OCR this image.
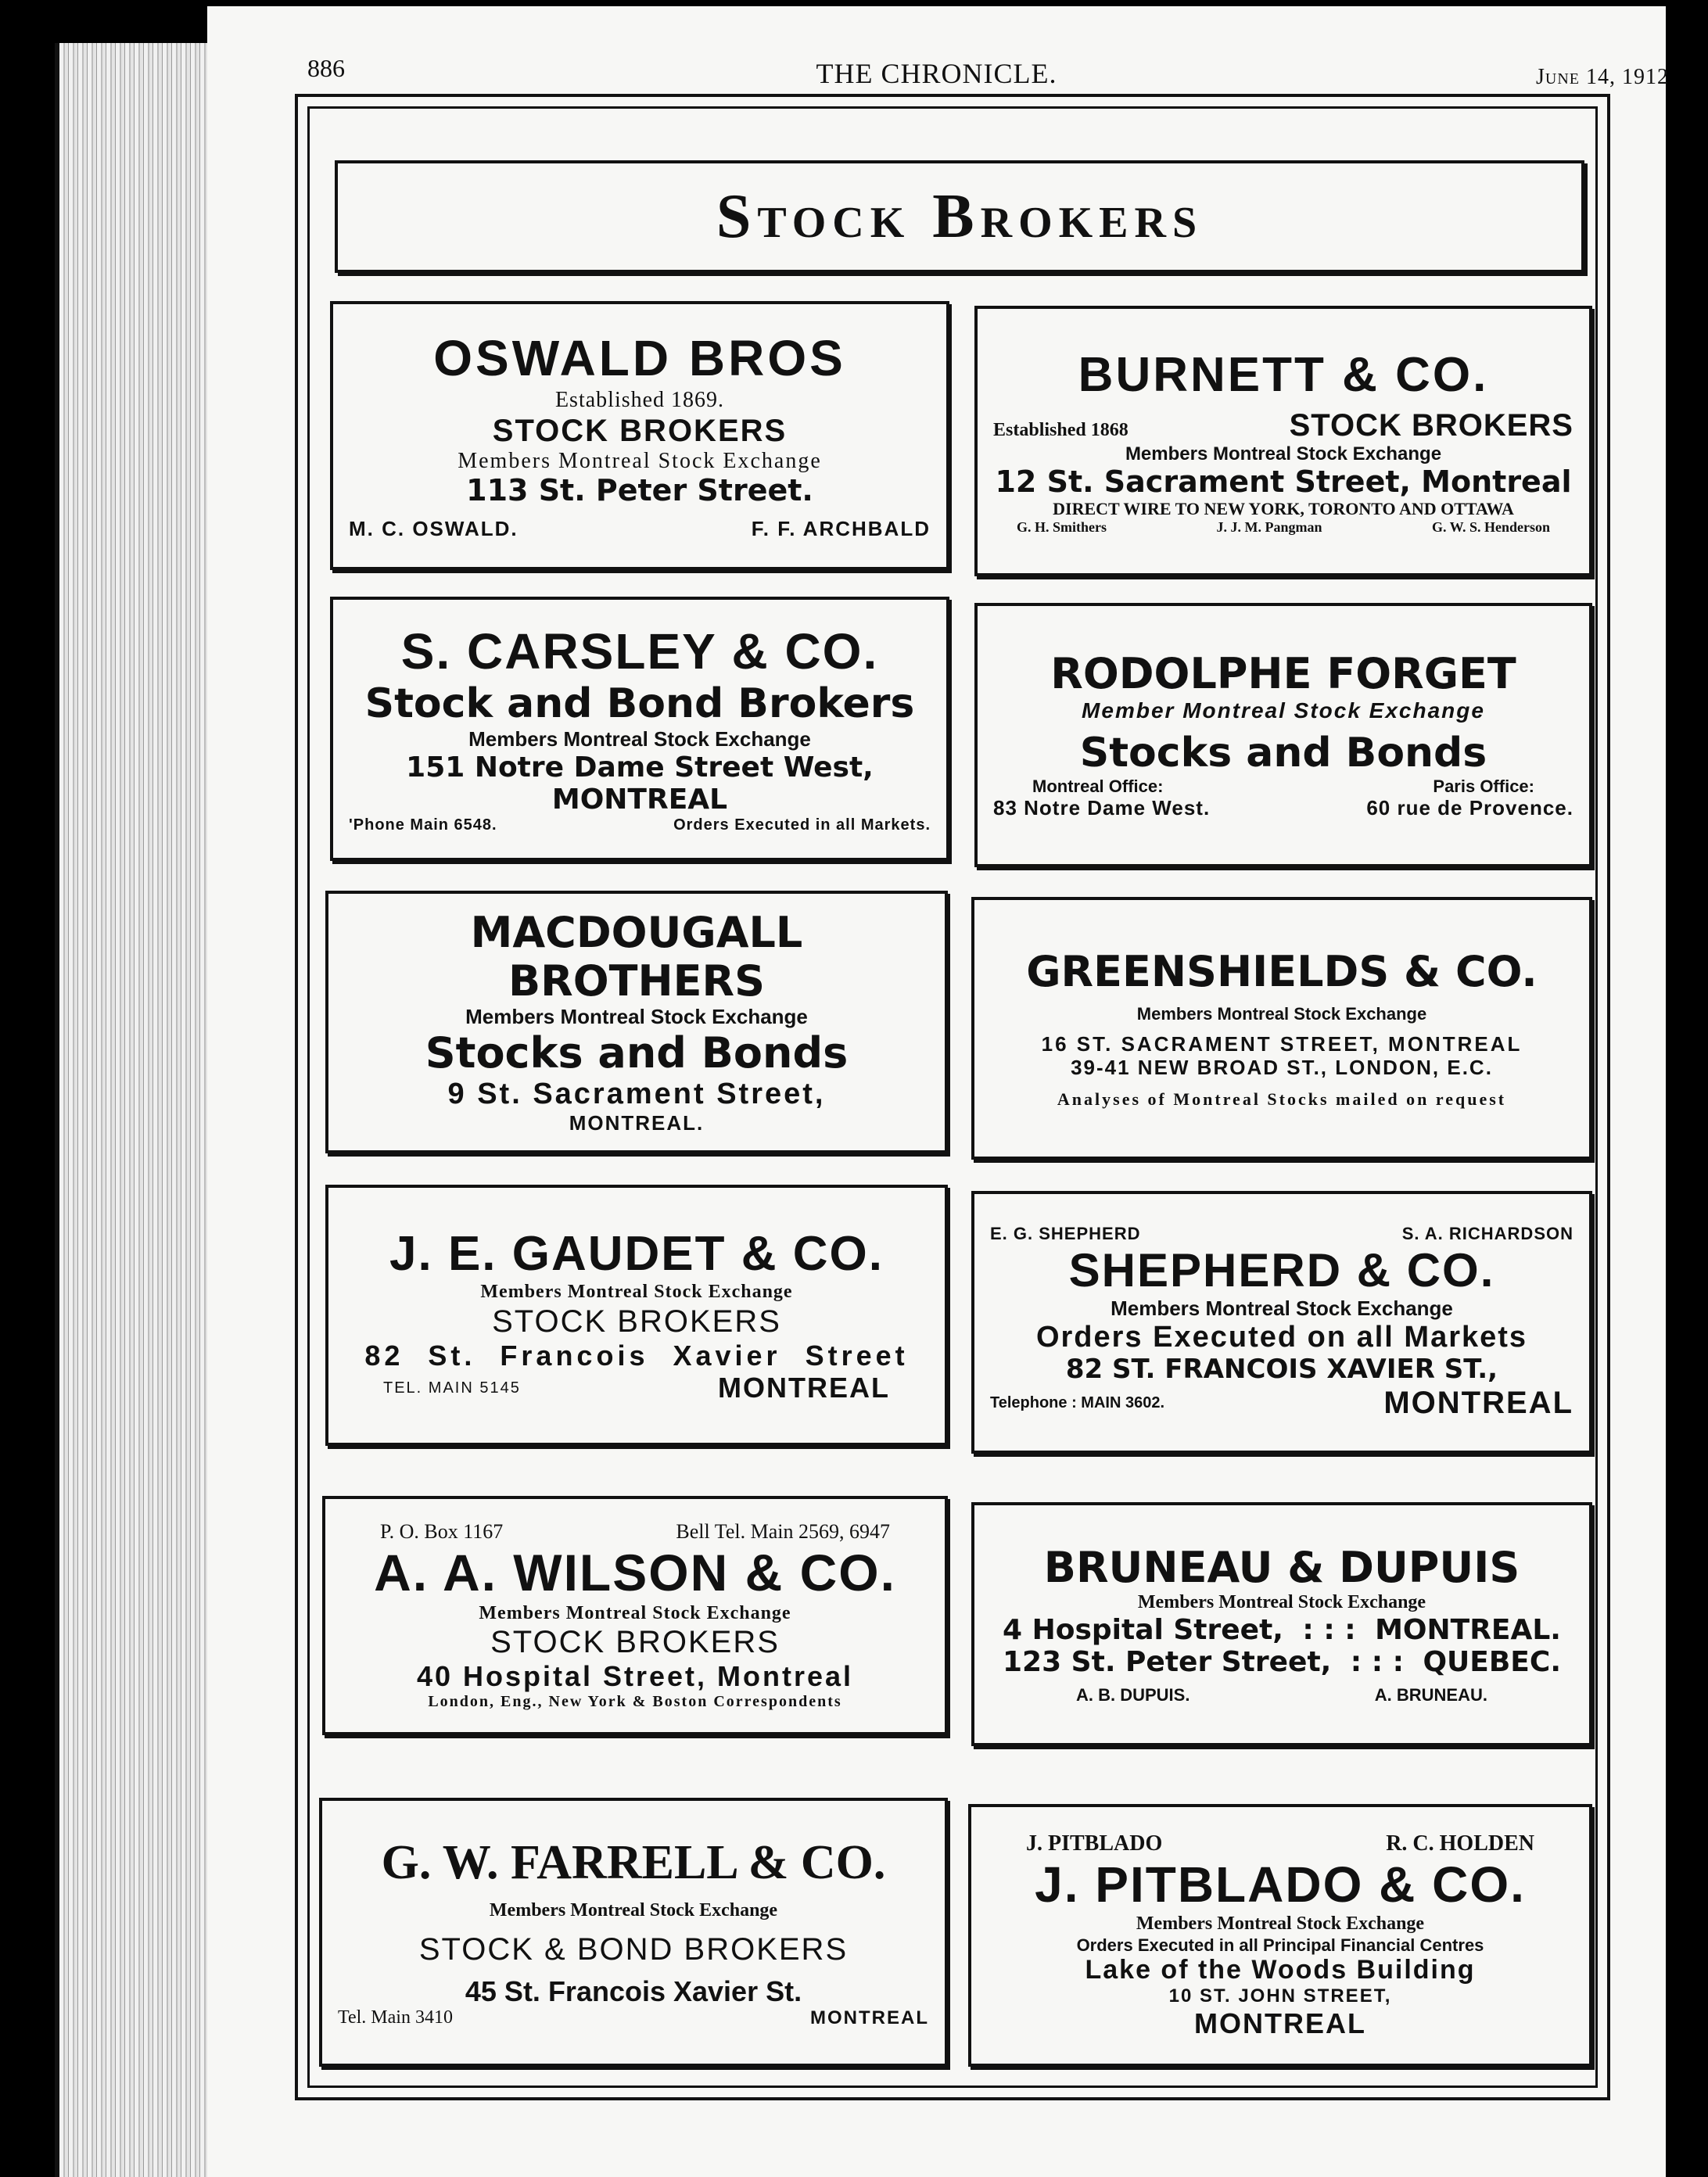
886	THE CHRONICLE.	June 14, 1912
Stock Brokers
OSWALD BROS
Established 1869.
STOCK BROKERS
Members Montreal Stock Exchange
113 St. Peter Street.
M. C. OSWALD.	F. F. ARCHBALD
BURNETT & CO.
Established 1868	STOCK BROKERS
Members Montreal Stock Exchange
12 St. Sacrament Street, Montreal
DIRECT WIRE TO NEW YORK, TORONTO AND OTTAWA
G. H. Smithers	J. J. M. Pangman	G. W. S. Henderson
S. CARSLEY & CO.
Stock and Bond Brokers
Members Montreal Stock Exchange
151 Notre Dame Street West, MONTREAL
'Phone Main 6548.	Orders Executed in all Markets.
RODOLPHE FORGET
Member Montreal Stock Exchange
Stocks and Bonds
Montreal Office:	Paris Office:
83 Notre Dame West.	60 rue de Provence.
MACDOUGALL BROTHERS
Members Montreal Stock Exchange
Stocks and Bonds
9 St. Sacrament Street,
MONTREAL.
GREENSHIELDS & CO.
Members Montreal Stock Exchange
16 ST. SACRAMENT STREET, MONTREAL
39-41 NEW BROAD ST., LONDON, E.C.
Analyses of Montreal Stocks mailed on request
J. E. GAUDET & CO.
Members Montreal Stock Exchange
STOCK BROKERS
82 St. Francois Xavier Street
TEL. MAIN 5145	MONTREAL
E. G. SHEPHERD	S. A. RICHARDSON
SHEPHERD & CO.
Members Montreal Stock Exchange
Orders Executed on all Markets
82 ST. FRANCOIS XAVIER ST.,
Telephone : MAIN 3602.	MONTREAL
P. O. Box 1167	Bell Tel. Main 2569, 6947
A. A. WILSON & CO.
Members Montreal Stock Exchange
STOCK BROKERS
40 Hospital Street, Montreal
London, Eng., New York & Boston Correspondents
BRUNEAU & DUPUIS
Members Montreal Stock Exchange
4 Hospital Street, : : : MONTREAL.
123 St. Peter Street, : : : QUEBEC.
A. B. DUPUIS.	A. BRUNEAU.
G. W. FARRELL & CO.
Members Montreal Stock Exchange
STOCK & BOND BROKERS
45 St. Francois Xavier St.
Tel. Main 3410	MONTREAL
J. PITBLADO	R. C. HOLDEN
J. PITBLADO & CO.
Members Montreal Stock Exchange
Orders Executed in all Principal Financial Centres
Lake of the Woods Building
10 ST. JOHN STREET,
MONTREAL
